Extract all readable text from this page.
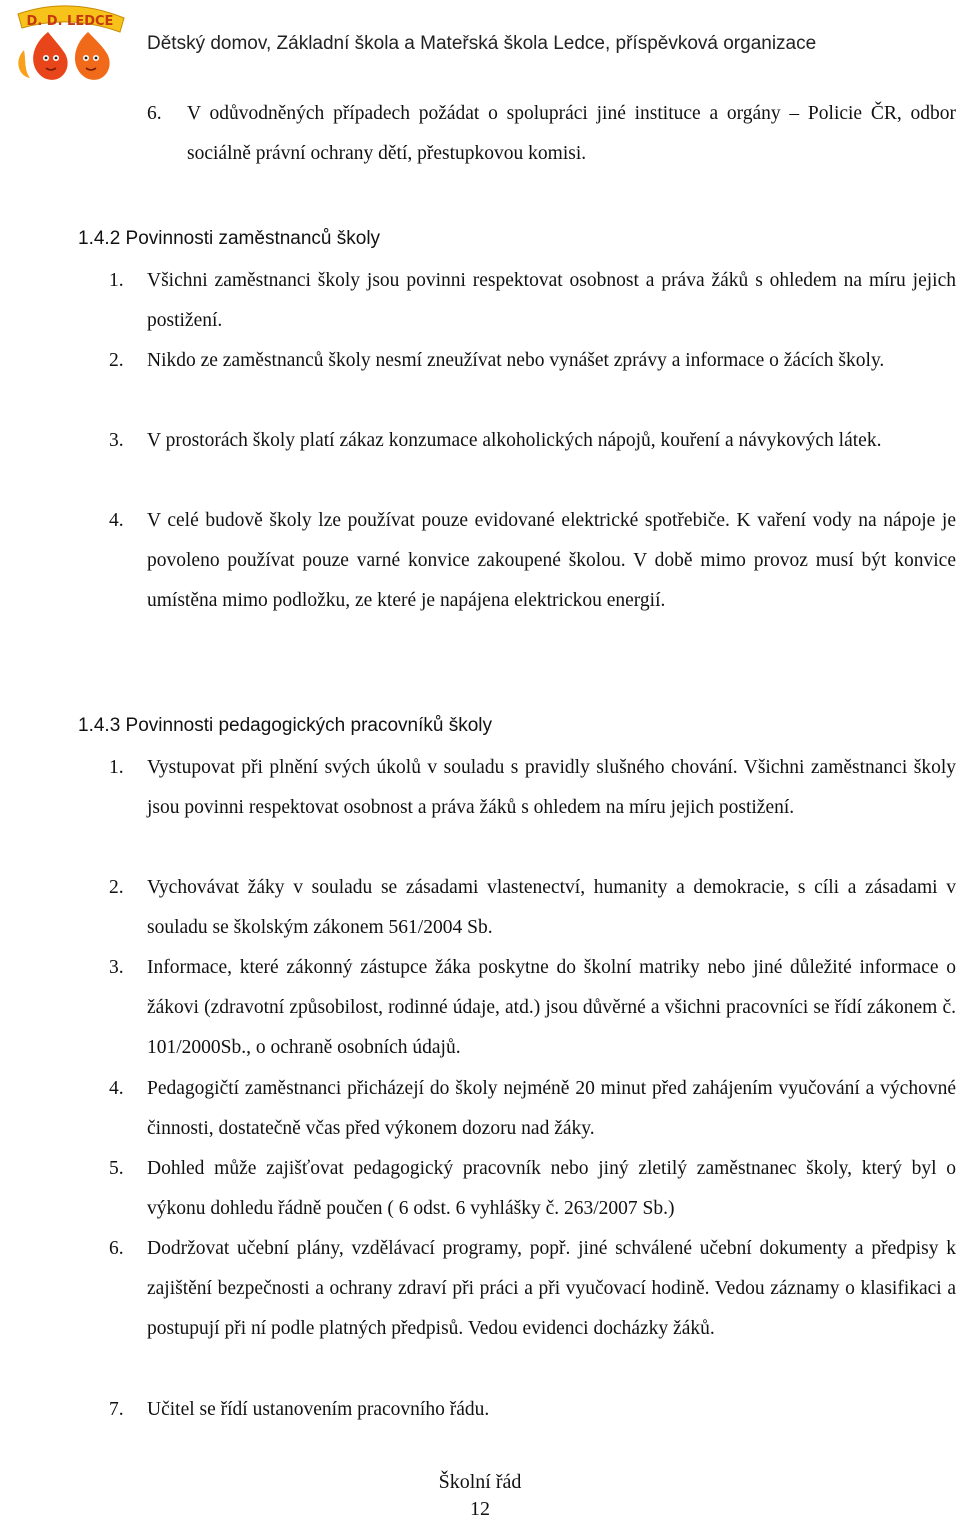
D. D. LEDCE
Dětský domov, Základní škola a Mateřská škola Ledce, příspěvková organizace
6.	V odůvodněných případech požádat o spolupráci jiné instituce a orgány – Policie ČR, odbor sociálně právní ochrany dětí, přestupkovou komisi.
1.4.2 Povinnosti zaměstnanců školy
1.	Všichni zaměstnanci školy jsou povinni respektovat osobnost a práva žáků s ohledem na míru jejich postižení.
2.	Nikdo ze zaměstnanců školy nesmí zneužívat nebo vynášet zprávy a informace o žácích školy.
3.	V prostorách školy platí zákaz konzumace alkoholických nápojů, kouření a návykových látek.
4.	V celé budově školy lze používat pouze evidované elektrické spotřebiče. K vaření vody na nápoje je povoleno používat pouze varné konvice zakoupené školou. V době mimo provoz musí být konvice umístěna mimo podložku, ze které je napájena elektrickou energií.
1.4.3 Povinnosti pedagogických pracovníků školy
1.	Vystupovat při plnění svých úkolů v souladu s pravidly slušného chování. Všichni zaměstnanci školy jsou povinni respektovat osobnost a práva žáků s ohledem na míru jejich postižení.
2.	Vychovávat žáky v souladu se zásadami vlastenectví, humanity a demokracie, s cíli a zásadami v souladu se školským zákonem 561/2004 Sb.
3.	Informace, které zákonný zástupce žáka poskytne do školní matriky nebo jiné důležité informace o žákovi (zdravotní způsobilost, rodinné údaje, atd.) jsou důvěrné a všichni pracovníci se řídí zákonem č. 101/2000Sb., o ochraně osobních údajů.
4.	Pedagogičtí zaměstnanci přicházejí do školy nejméně 20 minut před zahájením vyučování a výchovné činnosti, dostatečně včas před výkonem dozoru nad žáky.
5.	Dohled může zajišťovat pedagogický pracovník nebo jiný zletilý zaměstnanec školy, který byl o výkonu dohledu řádně poučen ( 6 odst. 6 vyhlášky č. 263/2007 Sb.)
6.	Dodržovat učební plány, vzdělávací programy, popř. jiné schválené učební dokumenty a předpisy k zajištění bezpečnosti a ochrany zdraví při práci a při vyučovací hodině. Vedou záznamy o klasifikaci a postupují při ní podle platných předpisů. Vedou evidenci docházky žáků.
7.	Učitel se řídí ustanovením pracovního řádu.
Školní řád
12
